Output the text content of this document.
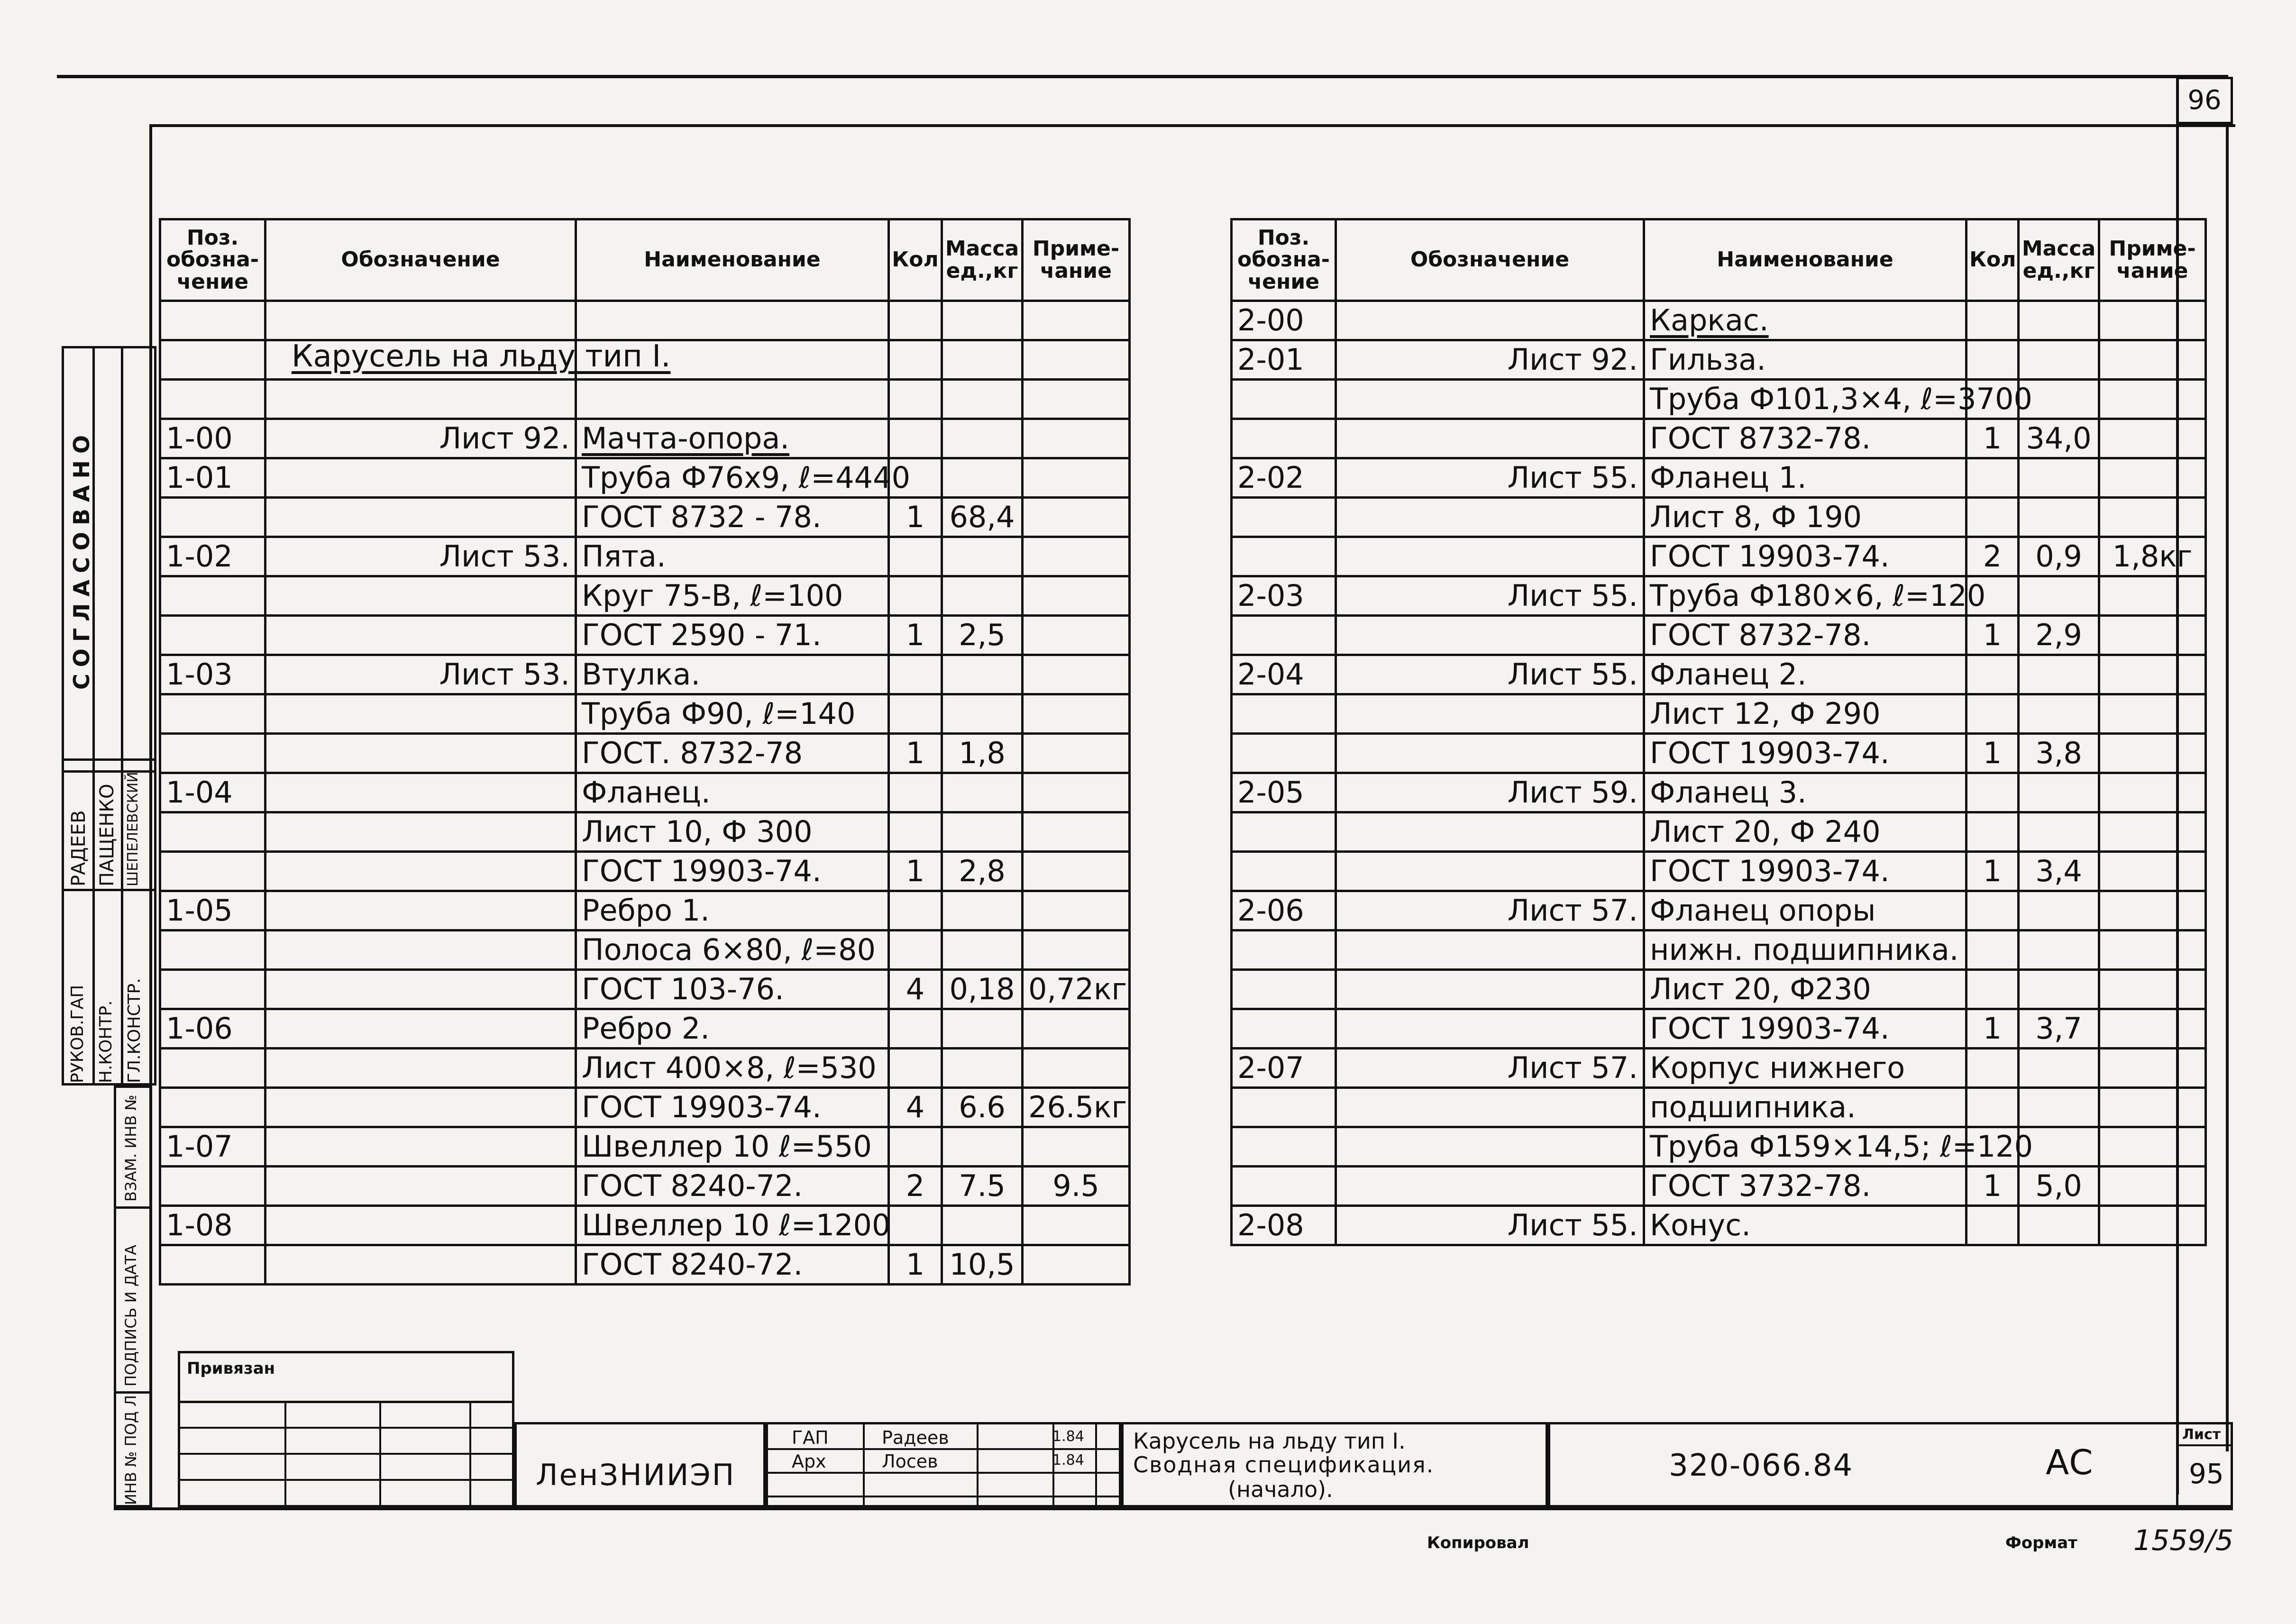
96
СОГЛАСОВАНО
РУКОВ.ГАП Н.КОНТР. ГЛ.КОНСТР.
РАДЕЕВ ПАЩЕНКО ШЕПЕЛЕВСКИЙ
ВЗАМ. ИНВ №
ПОДПИСЬ И ДАТА
ИНВ № ПОД Л
Поз. обозна- чение	Обозначение	Наименование	Кол	Масса ед.,кг	Приме- чание

1-00	Лист 92.	Мачта-опора.			
1-01		Труба Ф76х9, ℓ=4440			
		ГОСТ 8732 - 78.	1	68,4	
1-02	Лист 53.	Пята.			
		Круг 75-В, ℓ=100			
		ГОСТ 2590 - 71.	1	2,5	
1-03	Лист 53.	Втулка.			
		Труба Ф90, ℓ=140			
		ГОСТ. 8732-78	1	1,8	
1-04		Фланец.			
		Лист 10, Ф 300			
		ГОСТ 19903-74.	1	2,8	
1-05		Ребро 1.			
		Полоса 6×80, ℓ=80			
		ГОСТ 103-76.	4	0,18	0,72кг
1-06		Ребро 2.			
		Лист 400×8, ℓ=530			
		ГОСТ 19903-74.	4	6.6	26.5кг
1-07		Швеллер 10 ℓ=550			
		ГОСТ 8240-72.	2	7.5	9.5
1-08		Швеллер 10 ℓ=1200			
		ГОСТ 8240-72.	1	10,5	
Карусель на льду тип I.
Поз. обозна- чение	Обозначение	Наименование	Кол	Масса ед.,кг	Приме- чание
2-00		Каркас.			
2-01	Лист 92.	Гильза.			
		Труба Ф101,3×4, ℓ=3700			
		ГОСТ 8732-78.	1	34,0	
2-02	Лист 55.	Фланец 1.			
		Лист 8, Ф 190			
		ГОСТ 19903-74.	2	0,9	1,8кг
2-03	Лист 55.	Труба Ф180×6, ℓ=120			
		ГОСТ 8732-78.	1	2,9	
2-04	Лист 55.	Фланец 2.			
		Лист 12, Ф 290			
		ГОСТ 19903-74.	1	3,8	
2-05	Лист 59.	Фланец 3.			
		Лист 20, Ф 240			
		ГОСТ 19903-74.	1	3,4	
2-06	Лист 57.	Фланец опоры			
		нижн. подшипника.			
		Лист 20, Ф230			
		ГОСТ 19903-74.	1	3,7	
2-07	Лист 57.	Корпус нижнего			
		подшипника.			
		Труба Ф159×14,5; ℓ=120			
		ГОСТ 3732-78.	1	5,0	
2-08	Лист 55.	Конус.			
Привязан
ЛенЗНИИЭП
ГАП
Арх
Радеев
Лосев
1.84
1.84
Карусель на льду тип I.
Сводная спецификация.
(начало).
320-066.84	АС
Лист
95
Копировал	Формат 1559/5
